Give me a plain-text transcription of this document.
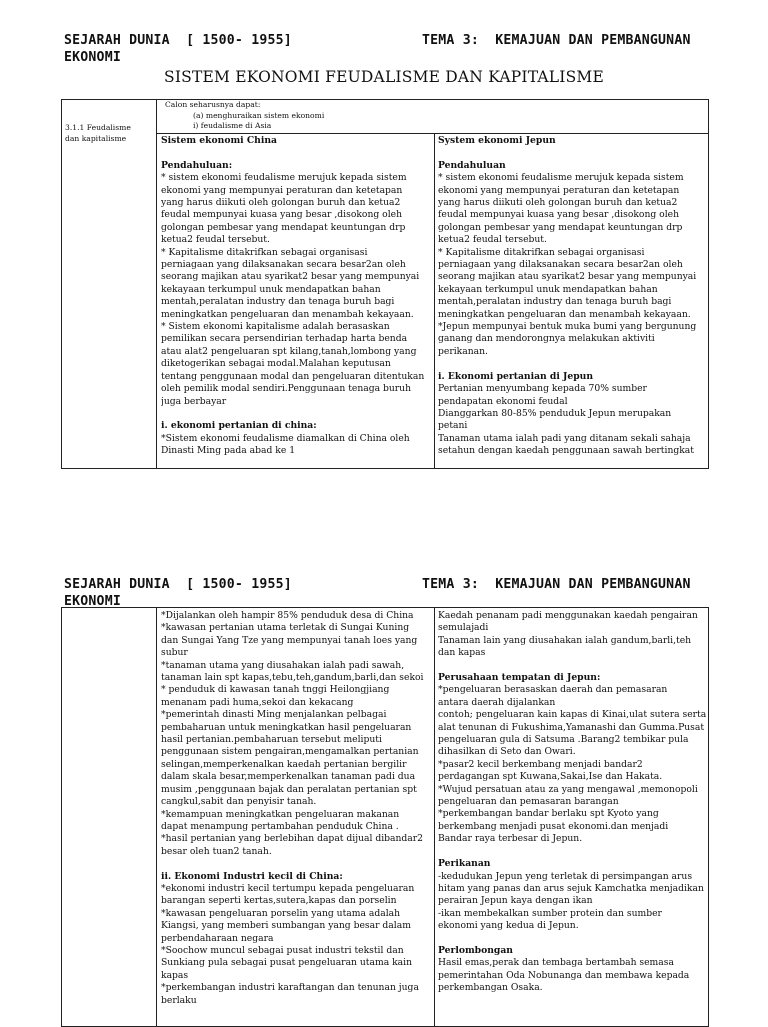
SEJARAH DUNIA  [ 1500- 1955]	TEMA 3:  KEMAJUAN DAN PEMBANGUNAN
EKONOMI
SISTEM EKONOMI FEUDALISME DAN KAPITALISME
3.1.1 Feudalisme
dan kapitalisme
Calon seharusnya dapat:
(a) menghuraikan sistem ekonomi
i) feudalisme di Asia
Sistem ekonomi China
Pendahuluan:
* sistem ekonomi feudalisme merujuk kepada sistem
ekonomi yang mempunyai peraturan dan ketetapan
yang harus diikuti oleh golongan buruh dan ketua2
feudal mempunyai kuasa yang besar ,disokong oleh
golongan pembesar yang mendapat keuntungan drp
ketua2 feudal tersebut.
* Kapitalisme ditakrifkan sebagai organisasi
perniagaan yang dilaksanakan secara besar2an oleh
seorang majikan atau syarikat2 besar yang mempunyai
kekayaan terkumpul unuk mendapatkan bahan
mentah,peralatan industry dan tenaga buruh bagi
meningkatkan pengeluaran dan menambah kekayaan.
* Sistem ekonomi kapitalisme adalah berasaskan
pemilikan secara persendirian terhadap harta benda
atau alat2 pengeluaran spt kilang,tanah,lombong yang
diketogerikan sebagai modal.Malahan keputusan
tentang penggunaan modal dan pengeluaran ditentukan
oleh pemilik modal sendiri.Penggunaan tenaga buruh
juga berbayar
i. ekonomi pertanian di china:
*Sistem ekonomi feudalisme diamalkan di China oleh
Dinasti Ming pada abad ke 1
System ekonomi Jepun
Pendahuluan
* sistem ekonomi feudalisme merujuk kepada sistem
ekonomi yang mempunyai peraturan dan ketetapan
yang harus diikuti oleh golongan buruh dan ketua2
feudal mempunyai kuasa yang besar ,disokong oleh
golongan pembesar yang mendapat keuntungan drp
ketua2 feudal tersebut.
* Kapitalisme ditakrifkan sebagai organisasi
perniagaan yang dilaksanakan secara besar2an oleh
seorang majikan atau syarikat2 besar yang mempunyai
kekayaan terkumpul unuk mendapatkan bahan
mentah,peralatan industry dan tenaga buruh bagi
meningkatkan pengeluaran dan menambah kekayaan.
*Jepun mempunyai bentuk muka bumi yang bergunung
ganang dan mendorongnya melakukan aktiviti
perikanan.
i. Ekonomi pertanian di Jepun
Pertanian menyumbang kepada 70% sumber
pendapatan ekonomi feudal
Dianggarkan 80-85% penduduk Jepun merupakan
petani
Tanaman utama ialah padi yang ditanam sekali sahaja
setahun dengan kaedah penggunaan sawah bertingkat
SEJARAH DUNIA  [ 1500- 1955]	TEMA 3:  KEMAJUAN DAN PEMBANGUNAN
EKONOMI
*Dijalankan oleh hampir 85% penduduk desa di China
*kawasan pertanian utama terletak di Sungai Kuning
dan Sungai Yang Tze yang mempunyai tanah loes yang
subur
*tanaman utama yang diusahakan ialah padi sawah,
tanaman lain spt kapas,tebu,teh,gandum,barli,dan sekoi
* penduduk di kawasan tanah tnggi Heilongjiang
menanam padi huma,sekoi dan kekacang
*pemerintah dinasti Ming menjalankan pelbagai
pembaharuan untuk meningkatkan hasil pengeluaran
hasil pertanian.pembaharuan tersebut meliputi
penggunaan sistem pengairan,mengamalkan pertanian
selingan,memperkenalkan kaedah pertanian bergilir
dalam skala besar,memperkenalkan tanaman padi dua
musim ,penggunaan bajak dan peralatan pertanian spt
cangkul,sabit dan penyisir tanah.
*kemampuan meningkatkan pengeluaran makanan
dapat menampung pertambahan penduduk China .
*hasil pertanian yang berlebihan dapat dijual dibandar2
besar oleh tuan2 tanah.
ii. Ekonomi Industri kecil di China:
*ekonomi industri kecil tertumpu kepada pengeluaran
barangan seperti kertas,sutera,kapas dan porselin
*kawasan pengeluaran porselin yang utama adalah
Kiangsi, yang memberi sumbangan yang besar dalam
perbendaharaan negara
*Soochow muncul sebagai pusat industri tekstil dan
Sunkiang pula sebagai pusat pengeluaran utama kain
kapas
*perkembangan industri karaftangan dan tenunan juga
berlaku
Kaedah penanam padi menggunakan kaedah pengairan
semulajadi
Tanaman lain yang diusahakan ialah gandum,barli,teh
dan kapas
Perusahaan tempatan di Jepun:
*pengeluaran berasaskan daerah dan pemasaran
antara daerah dijalankan
contoh; pengeluaran kain kapas di Kinai,ulat sutera serta
alat tenunan di Fukushima,Yamanashi dan Gumma.Pusat
pengeluaran gula di Satsuma .Barang2 tembikar pula
dihasilkan di Seto dan Owari.
*pasar2 kecil berkembang menjadi bandar2
perdagangan spt Kuwana,Sakai,Ise dan Hakata.
*Wujud persatuan atau za yang mengawal ,memonopoli
pengeluaran dan pemasaran barangan
*perkembangan bandar berlaku spt Kyoto yang
berkembang menjadi pusat ekonomi.dan menjadi
Bandar raya terbesar di Jepun.
Perikanan
-kedudukan Jepun yeng terletak di persimpangan arus
hitam yang panas dan arus sejuk Kamchatka menjadikan
perairan Jepun kaya dengan ikan
-ikan membekalkan sumber protein dan sumber
ekonomi yang kedua di Jepun.
Perlombongan
Hasil emas,perak dan tembaga bertambah semasa
pemerintahan Oda Nobunanga dan membawa kepada
perkembangan Osaka.
